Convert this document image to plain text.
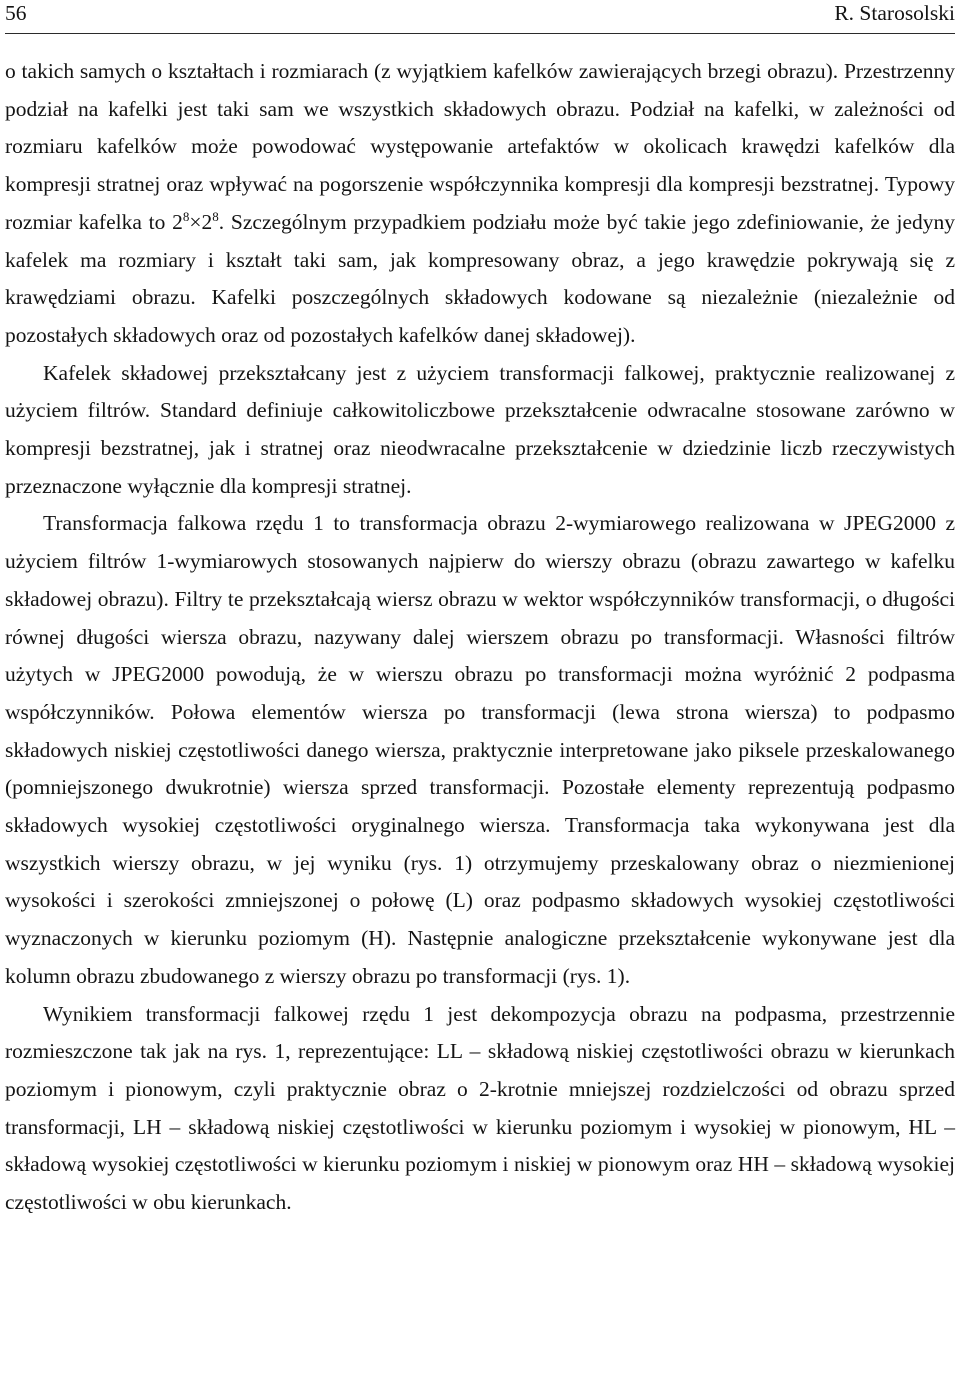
56	R. Starosolski

o takich samych o kształtach i rozmiarach (z wyjątkiem kafelków zawierających brzegi obrazu). Przestrzenny podział na kafelki jest taki sam we wszystkich składowych obrazu. Podział na kafelki, w zależności od rozmiaru kafelków może powodować występowanie artefaktów w okolicach krawędzi kafelków dla kompresji stratnej oraz wpływać na pogorszenie współczynnika kompresji dla kompresji bezstratnej. Typowy rozmiar kafelka to $2^8\times 2^8$. Szczególnym przypadkiem podziału może być takie jego zdefiniowanie, że jedyny kafelek ma rozmiary i kształt taki sam, jak kompresowany obraz, a jego krawędzie pokrywają się z krawędziami obrazu. Kafelki poszczególnych składowych kodowane są niezależnie (niezależnie od pozostałych składowych oraz od pozostałych kafelków danej składowej).

Kafelek składowej przekształcany jest z użyciem transformacji falkowej, praktycznie realizowanej z użyciem filtrów. Standard definiuje całkowitoliczbowe przekształcenie odwracalne stosowane zarówno w kompresji bezstratnej, jak i stratnej oraz nieodwracalne przekształcenie w dziedzinie liczb rzeczywistych przeznaczone wyłącznie dla kompresji stratnej.

Transformacja falkowa rzędu 1 to transformacja obrazu 2-wymiarowego realizowana w JPEG2000 z użyciem filtrów 1-wymiarowych stosowanych najpierw do wierszy obrazu (obrazu zawartego w kafelku składowej obrazu). Filtry te przekształcają wiersz obrazu w wektor współczynników transformacji, o długości równej długości wiersza obrazu, nazywany dalej wierszem obrazu po transformacji. Własności filtrów użytych w JPEG2000 powodują, że w wierszu obrazu po transformacji można wyróżnić 2 podpasma współczynników. Połowa elementów wiersza po transformacji (lewa strona wiersza) to podpasmo składowych niskiej częstotliwości danego wiersza, praktycznie interpretowane jako piksele przeskalowanego (pomniejszonego dwukrotnie) wiersza sprzed transformacji. Pozostałe elementy reprezentują podpasmo składowych wysokiej częstotliwości oryginalnego wiersza. Transformacja taka wykonywana jest dla wszystkich wierszy obrazu, w jej wyniku (rys. 1) otrzymujemy przeskalowany obraz o niezmienionej wysokości i szerokości zmniejszonej o połowę (L) oraz podpasmo składowych wysokiej częstotliwości wyznaczonych w kierunku poziomym (H). Następnie analogiczne przekształcenie wykonywane jest dla kolumn obrazu zbudowanego z wierszy obrazu po transformacji (rys. 1).

Wynikiem transformacji falkowej rzędu 1 jest dekompozycja obrazu na podpasma, przestrzennie rozmieszczone tak jak na rys. 1, reprezentujące: LL – składową niskiej częstotliwości obrazu w kierunkach poziomym i pionowym, czyli praktycznie obraz o 2-krotnie mniejszej rozdzielczości od obrazu sprzed transformacji, LH – składową niskiej częstotliwości w kierunku poziomym i wysokiej w pionowym, HL – składową wysokiej częstotliwości w kierunku poziomym i niskiej w pionowym oraz HH – składową wysokiej częstotliwości w obu kierunkach.
